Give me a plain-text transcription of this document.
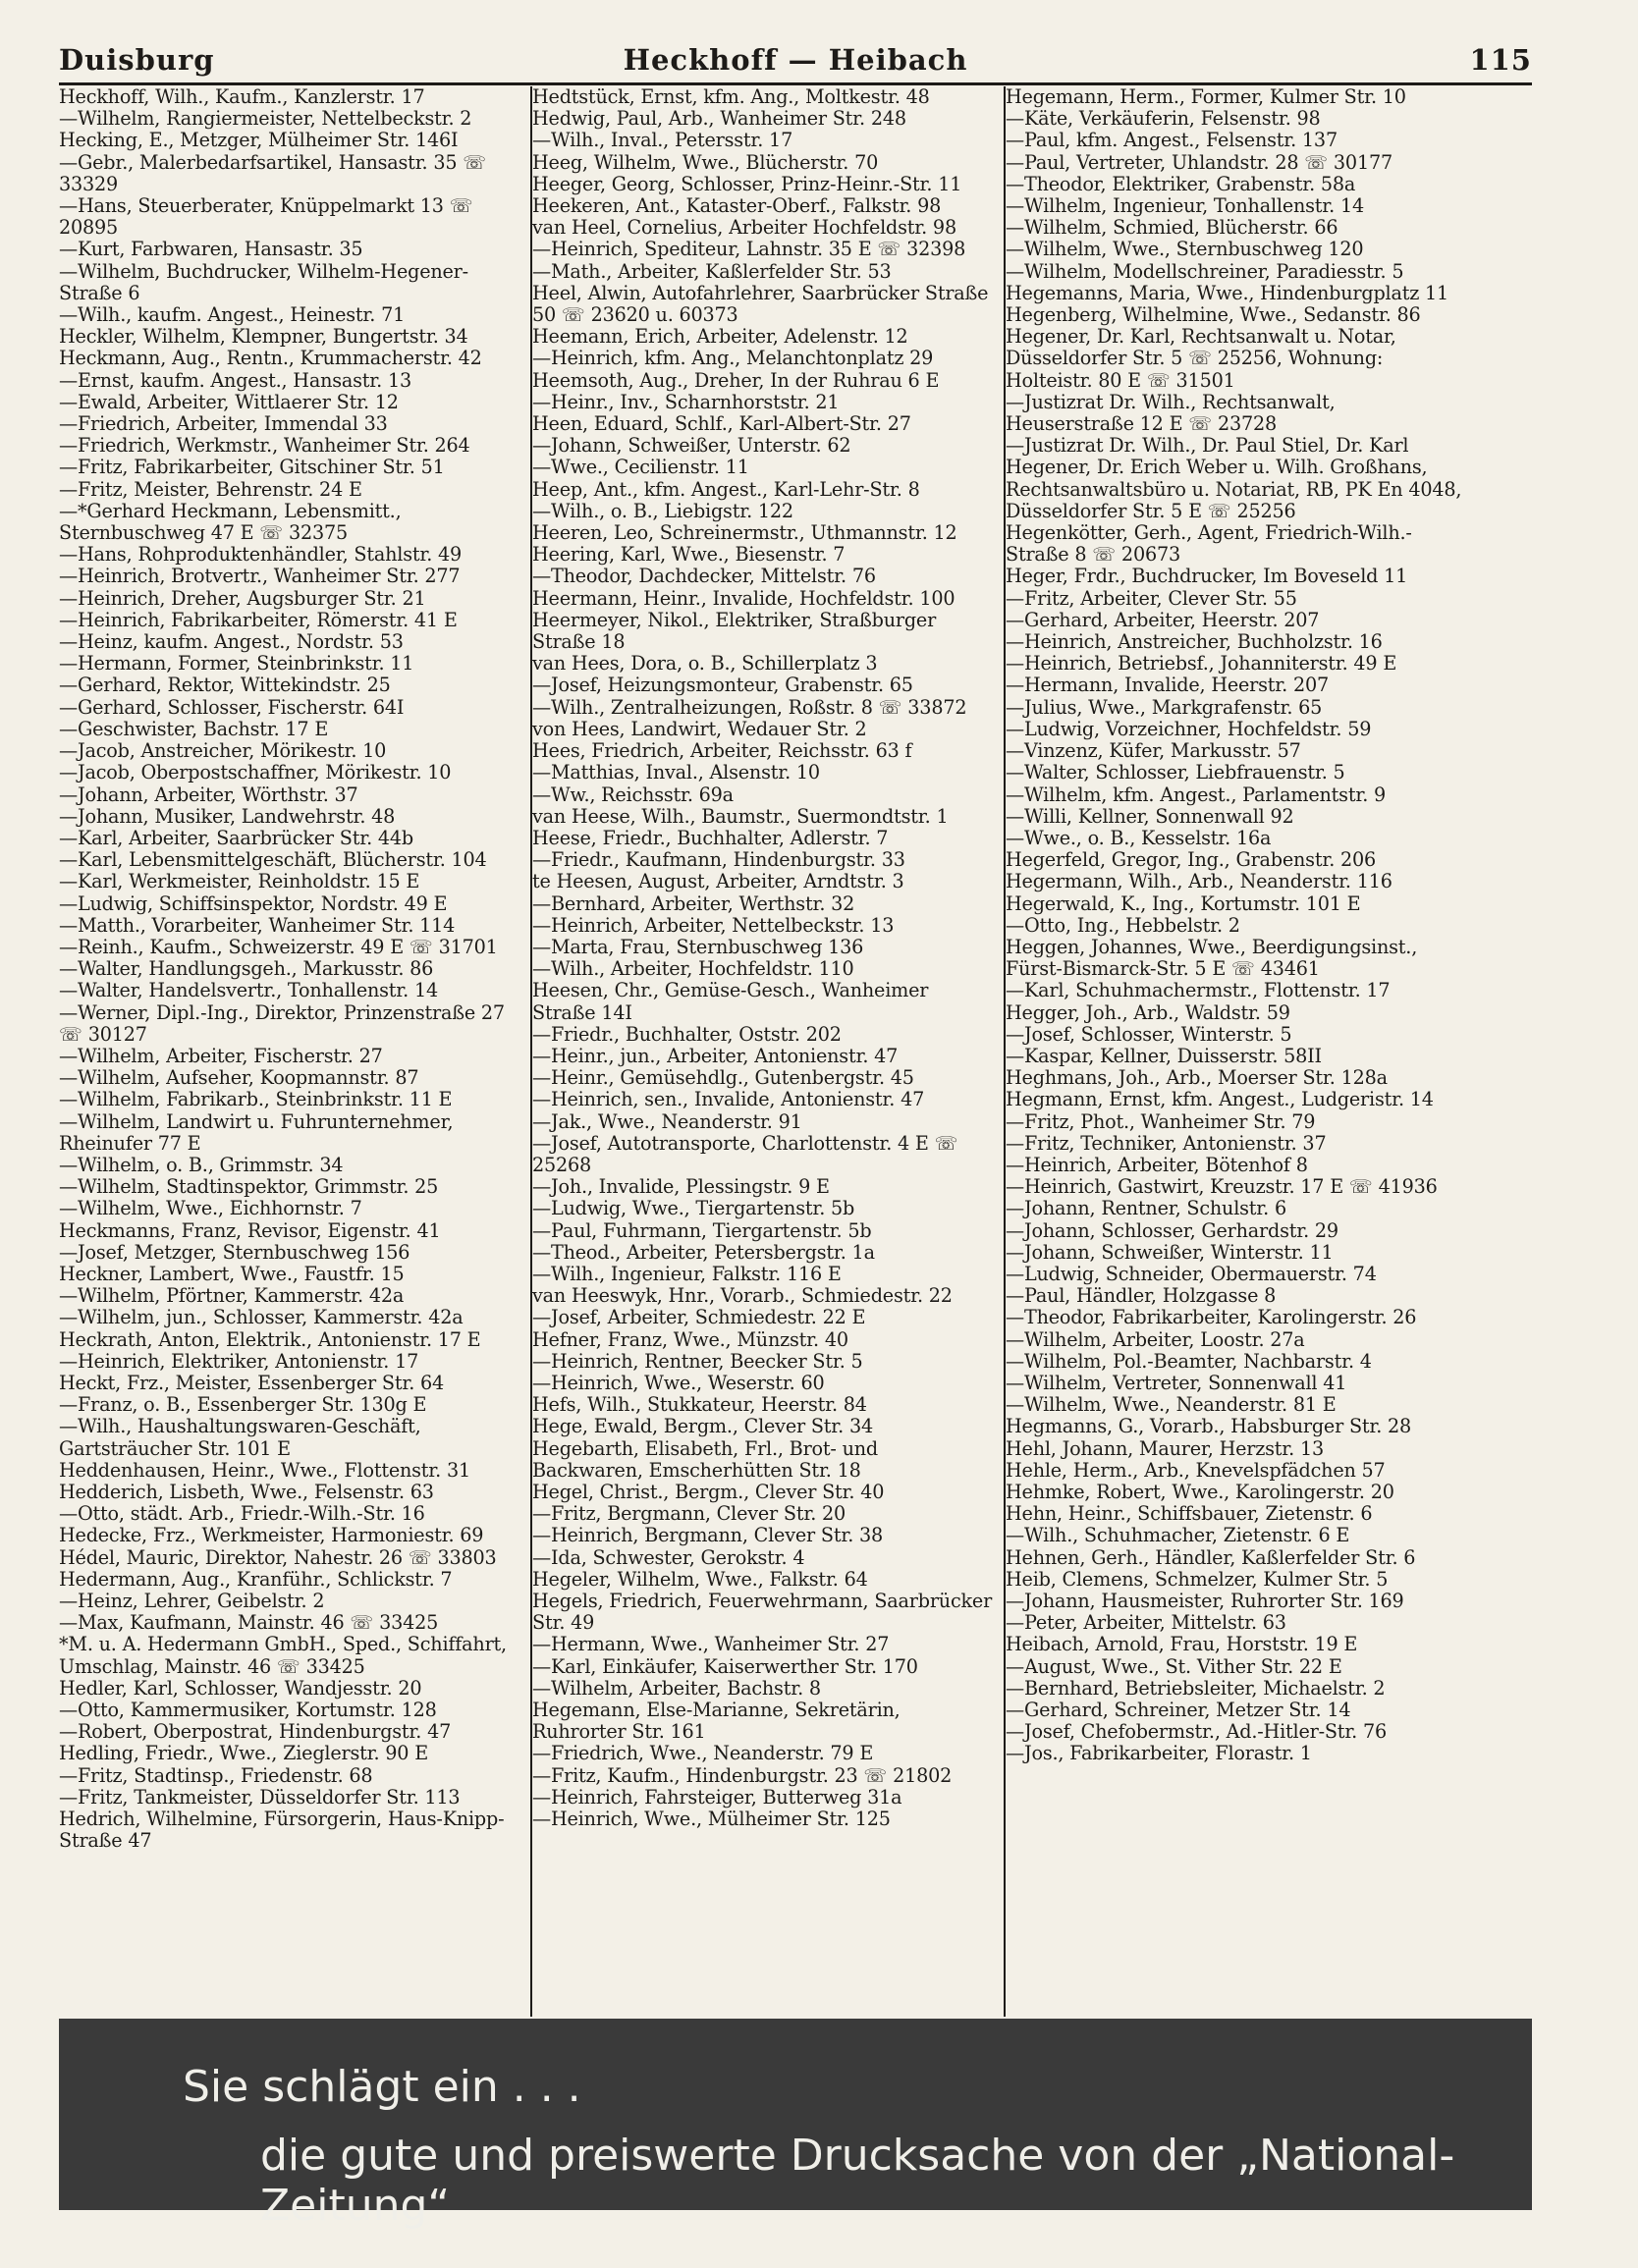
Duisburg	Heckhoff — Heibach	115

Heckhoff, Wilh., Kaufm., Kanzlerstr. 17

—Wilhelm, Rangiermeister, Nettelbeckstr. 2

Hecking, E., Metzger, Mülheimer Str. 146I

—Gebr., Malerbedarfsartikel, Hansastr. 35 ☏ 33329

—Hans, Steuerberater, Knüppelmarkt 13 ☏ 20895

—Kurt, Farbwaren, Hansastr. 35

—Wilhelm, Buchdrucker, Wilhelm-Hegener-Straße 6

—Wilh., kaufm. Angest., Heinestr. 71

Heckler, Wilhelm, Klempner, Bungertstr. 34

Heckmann, Aug., Rentn., Krummacherstr. 42

—Ernst, kaufm. Angest., Hansastr. 13

—Ewald, Arbeiter, Wittlaerer Str. 12

—Friedrich, Arbeiter, Immendal 33

—Friedrich, Werkmstr., Wanheimer Str. 264

—Fritz, Fabrikarbeiter, Gitschiner Str. 51

—Fritz, Meister, Behrenstr. 24 E

—*Gerhard Heckmann, Lebensmitt., Sternbuschweg 47 E ☏ 32375

—Hans, Rohproduktenhändler, Stahlstr. 49

—Heinrich, Brotvertr., Wanheimer Str. 277

—Heinrich, Dreher, Augsburger Str. 21

—Heinrich, Fabrikarbeiter, Römerstr. 41 E

—Heinz, kaufm. Angest., Nordstr. 53

—Hermann, Former, Steinbrinkstr. 11

—Gerhard, Rektor, Wittekindstr. 25

—Gerhard, Schlosser, Fischerstr. 64I

—Geschwister, Bachstr. 17 E

—Jacob, Anstreicher, Mörikestr. 10

—Jacob, Oberpostschaffner, Mörikestr. 10

—Johann, Arbeiter, Wörthstr. 37

—Johann, Musiker, Landwehrstr. 48

—Karl, Arbeiter, Saarbrücker Str. 44b

—Karl, Lebensmittelgeschäft, Blücherstr. 104

—Karl, Werkmeister, Reinholdstr. 15 E

—Ludwig, Schiffsinspektor, Nordstr. 49 E

—Matth., Vorarbeiter, Wanheimer Str. 114

—Reinh., Kaufm., Schweizerstr. 49 E ☏ 31701

—Walter, Handlungsgeh., Markusstr. 86

—Walter, Handelsvertr., Tonhallenstr. 14

—Werner, Dipl.-Ing., Direktor, Prinzenstraße 27 ☏ 30127

—Wilhelm, Arbeiter, Fischerstr. 27

—Wilhelm, Aufseher, Koopmannstr. 87

—Wilhelm, Fabrikarb., Steinbrinkstr. 11 E

—Wilhelm, Landwirt u. Fuhrunternehmer, Rheinufer 77 E

—Wilhelm, o. B., Grimmstr. 34

—Wilhelm, Stadtinspektor, Grimmstr. 25

—Wilhelm, Wwe., Eichhornstr. 7

Heckmanns, Franz, Revisor, Eigenstr. 41

—Josef, Metzger, Sternbuschweg 156

Heckner, Lambert, Wwe., Faustfr. 15

—Wilhelm, Pförtner, Kammerstr. 42a

—Wilhelm, jun., Schlosser, Kammerstr. 42a

Heckrath, Anton, Elektrik., Antonienstr. 17 E

—Heinrich, Elektriker, Antonienstr. 17

Heckt, Frz., Meister, Essenberger Str. 64

—Franz, o. B., Essenberger Str. 130g E

—Wilh., Haushaltungswaren-Geschäft, Gartsträucher Str. 101 E

Heddenhausen, Heinr., Wwe., Flottenstr. 31

Hedderich, Lisbeth, Wwe., Felsenstr. 63

—Otto, städt. Arb., Friedr.-Wilh.-Str. 16

Hedecke, Frz., Werkmeister, Harmoniestr. 69

Hédel, Mauric, Direktor, Nahestr. 26 ☏ 33803

Hedermann, Aug., Kranführ., Schlickstr. 7

—Heinz, Lehrer, Geibelstr. 2

—Max, Kaufmann, Mainstr. 46 ☏ 33425

*M. u. A. Hedermann GmbH., Sped., Schiffahrt, Umschlag, Mainstr. 46 ☏ 33425

Hedler, Karl, Schlosser, Wandjesstr. 20

—Otto, Kammermusiker, Kortumstr. 128

—Robert, Oberpostrat, Hindenburgstr. 47

Hedling, Friedr., Wwe., Zieglerstr. 90 E

—Fritz, Stadtinsp., Friedenstr. 68

—Fritz, Tankmeister, Düsseldorfer Str. 113

Hedrich, Wilhelmine, Fürsorgerin, Haus-Knipp-Straße 47

Hedtstück, Ernst, kfm. Ang., Moltkestr. 48

Hedwig, Paul, Arb., Wanheimer Str. 248

—Wilh., Inval., Petersstr. 17

Heeg, Wilhelm, Wwe., Blücherstr. 70

Heeger, Georg, Schlosser, Prinz-Heinr.-Str. 11

Heekeren, Ant., Kataster-Oberf., Falkstr. 98

van Heel, Cornelius, Arbeiter Hochfeldstr. 98

—Heinrich, Spediteur, Lahnstr. 35 E ☏ 32398

—Math., Arbeiter, Kaßlerfelder Str. 53

Heel, Alwin, Autofahrlehrer, Saarbrücker Straße 50 ☏ 23620 u. 60373

Heemann, Erich, Arbeiter, Adelenstr. 12

—Heinrich, kfm. Ang., Melanchtonplatz 29

Heemsoth, Aug., Dreher, In der Ruhrau 6 E

—Heinr., Inv., Scharnhorststr. 21

Heen, Eduard, Schlf., Karl-Albert-Str. 27

—Johann, Schweißer, Unterstr. 62

—Wwe., Cecilienstr. 11

Heep, Ant., kfm. Angest., Karl-Lehr-Str. 8

—Wilh., o. B., Liebigstr. 122

Heeren, Leo, Schreinermstr., Uthmannstr. 12

Heering, Karl, Wwe., Biesenstr. 7

—Theodor, Dachdecker, Mittelstr. 76

Heermann, Heinr., Invalide, Hochfeldstr. 100

Heermeyer, Nikol., Elektriker, Straßburger Straße 18

van Hees, Dora, o. B., Schillerplatz 3

—Josef, Heizungsmonteur, Grabenstr. 65

—Wilh., Zentralheizungen, Roßstr. 8 ☏ 33872

von Hees, Landwirt, Wedauer Str. 2

Hees, Friedrich, Arbeiter, Reichsstr. 63 f

—Matthias, Inval., Alsenstr. 10

—Ww., Reichsstr. 69a

van Heese, Wilh., Baumstr., Suermondtstr. 1

Heese, Friedr., Buchhalter, Adlerstr. 7

—Friedr., Kaufmann, Hindenburgstr. 33

te Heesen, August, Arbeiter, Arndtstr. 3

—Bernhard, Arbeiter, Werthstr. 32

—Heinrich, Arbeiter, Nettelbeckstr. 13

—Marta, Frau, Sternbuschweg 136

—Wilh., Arbeiter, Hochfeldstr. 110

Heesen, Chr., Gemüse-Gesch., Wanheimer Straße 14I

—Friedr., Buchhalter, Oststr. 202

—Heinr., jun., Arbeiter, Antonienstr. 47

—Heinr., Gemüsehdlg., Gutenbergstr. 45

—Heinrich, sen., Invalide, Antonienstr. 47

—Jak., Wwe., Neanderstr. 91

—Josef, Autotransporte, Charlottenstr. 4 E ☏ 25268

—Joh., Invalide, Plessingstr. 9 E

—Ludwig, Wwe., Tiergartenstr. 5b

—Paul, Fuhrmann, Tiergartenstr. 5b

—Theod., Arbeiter, Petersbergstr. 1a

—Wilh., Ingenieur, Falkstr. 116 E

van Heeswyk, Hnr., Vorarb., Schmiedestr. 22

—Josef, Arbeiter, Schmiedestr. 22 E

Hefner, Franz, Wwe., Münzstr. 40

—Heinrich, Rentner, Beecker Str. 5

—Heinrich, Wwe., Weserstr. 60

Hefs, Wilh., Stukkateur, Heerstr. 84

Hege, Ewald, Bergm., Clever Str. 34

Hegebarth, Elisabeth, Frl., Brot- und Backwaren, Emscherhütten Str. 18

Hegel, Christ., Bergm., Clever Str. 40

—Fritz, Bergmann, Clever Str. 20

—Heinrich, Bergmann, Clever Str. 38

—Ida, Schwester, Gerokstr. 4

Hegeler, Wilhelm, Wwe., Falkstr. 64

Hegels, Friedrich, Feuerwehrmann, Saarbrücker Str. 49

—Hermann, Wwe., Wanheimer Str. 27

—Karl, Einkäufer, Kaiserwerther Str. 170

—Wilhelm, Arbeiter, Bachstr. 8

Hegemann, Else-Marianne, Sekretärin, Ruhrorter Str. 161

—Friedrich, Wwe., Neanderstr. 79 E

—Fritz, Kaufm., Hindenburgstr. 23 ☏ 21802

—Heinrich, Fahrsteiger, Butterweg 31a

—Heinrich, Wwe., Mülheimer Str. 125

Hegemann, Herm., Former, Kulmer Str. 10

—Käte, Verkäuferin, Felsenstr. 98

—Paul, kfm. Angest., Felsenstr. 137

—Paul, Vertreter, Uhlandstr. 28 ☏ 30177

—Theodor, Elektriker, Grabenstr. 58a

—Wilhelm, Ingenieur, Tonhallenstr. 14

—Wilhelm, Schmied, Blücherstr. 66

—Wilhelm, Wwe., Sternbuschweg 120

—Wilhelm, Modellschreiner, Paradiesstr. 5

Hegemanns, Maria, Wwe., Hindenburgplatz 11

Hegenberg, Wilhelmine, Wwe., Sedanstr. 86

Hegener, Dr. Karl, Rechtsanwalt u. Notar, Düsseldorfer Str. 5 ☏ 25256, Wohnung: Holteistr. 80 E ☏ 31501

—Justizrat Dr. Wilh., Rechtsanwalt, Heuserstraße 12 E ☏ 23728

—Justizrat Dr. Wilh., Dr. Paul Stiel, Dr. Karl Hegener, Dr. Erich Weber u. Wilh. Großhans, Rechtsanwaltsbüro u. Notariat, RB, PK En 4048, Düsseldorfer Str. 5 E ☏ 25256

Hegenkötter, Gerh., Agent, Friedrich-Wilh.-Straße 8 ☏ 20673

Heger, Frdr., Buchdrucker, Im Boveseld 11

—Fritz, Arbeiter, Clever Str. 55

—Gerhard, Arbeiter, Heerstr. 207

—Heinrich, Anstreicher, Buchholzstr. 16

—Heinrich, Betriebsf., Johanniterstr. 49 E

—Hermann, Invalide, Heerstr. 207

—Julius, Wwe., Markgrafenstr. 65

—Ludwig, Vorzeichner, Hochfeldstr. 59

—Vinzenz, Küfer, Markusstr. 57

—Walter, Schlosser, Liebfrauenstr. 5

—Wilhelm, kfm. Angest., Parlamentstr. 9

—Willi, Kellner, Sonnenwall 92

—Wwe., o. B., Kesselstr. 16a

Hegerfeld, Gregor, Ing., Grabenstr. 206

Hegermann, Wilh., Arb., Neanderstr. 116

Hegerwald, K., Ing., Kortumstr. 101 E

—Otto, Ing., Hebbelstr. 2

Heggen, Johannes, Wwe., Beerdigungsinst., Fürst-Bismarck-Str. 5 E ☏ 43461

—Karl, Schuhmachermstr., Flottenstr. 17

Hegger, Joh., Arb., Waldstr. 59

—Josef, Schlosser, Winterstr. 5

—Kaspar, Kellner, Duisserstr. 58II

Heghmans, Joh., Arb., Moerser Str. 128a

Hegmann, Ernst, kfm. Angest., Ludgeristr. 14

—Fritz, Phot., Wanheimer Str. 79

—Fritz, Techniker, Antonienstr. 37

—Heinrich, Arbeiter, Bötenhof 8

—Heinrich, Gastwirt, Kreuzstr. 17 E ☏ 41936

—Johann, Rentner, Schulstr. 6

—Johann, Schlosser, Gerhardstr. 29

—Johann, Schweißer, Winterstr. 11

—Ludwig, Schneider, Obermauerstr. 74

—Paul, Händler, Holzgasse 8

—Theodor, Fabrikarbeiter, Karolingerstr. 26

—Wilhelm, Arbeiter, Loostr. 27a

—Wilhelm, Pol.-Beamter, Nachbarstr. 4

—Wilhelm, Vertreter, Sonnenwall 41

—Wilhelm, Wwe., Neanderstr. 81 E

Hegmanns, G., Vorarb., Habsburger Str. 28

Hehl, Johann, Maurer, Herzstr. 13

Hehle, Herm., Arb., Knevelspfädchen 57

Hehmke, Robert, Wwe., Karolingerstr. 20

Hehn, Heinr., Schiffsbauer, Zietenstr. 6

—Wilh., Schuhmacher, Zietenstr. 6 E

Hehnen, Gerh., Händler, Kaßlerfelder Str. 6

Heib, Clemens, Schmelzer, Kulmer Str. 5

—Johann, Hausmeister, Ruhrorter Str. 169

—Peter, Arbeiter, Mittelstr. 63

Heibach, Arnold, Frau, Horststr. 19 E

—August, Wwe., St. Vither Str. 22 E

—Bernhard, Betriebsleiter, Michaelstr. 2

—Gerhard, Schreiner, Metzer Str. 14

—Josef, Chefobermstr., Ad.-Hitler-Str. 76

—Jos., Fabrikarbeiter, Florastr. 1

Sie schlägt ein . . .
die gute und preiswerte Drucksache von der „National-Zeitung“
